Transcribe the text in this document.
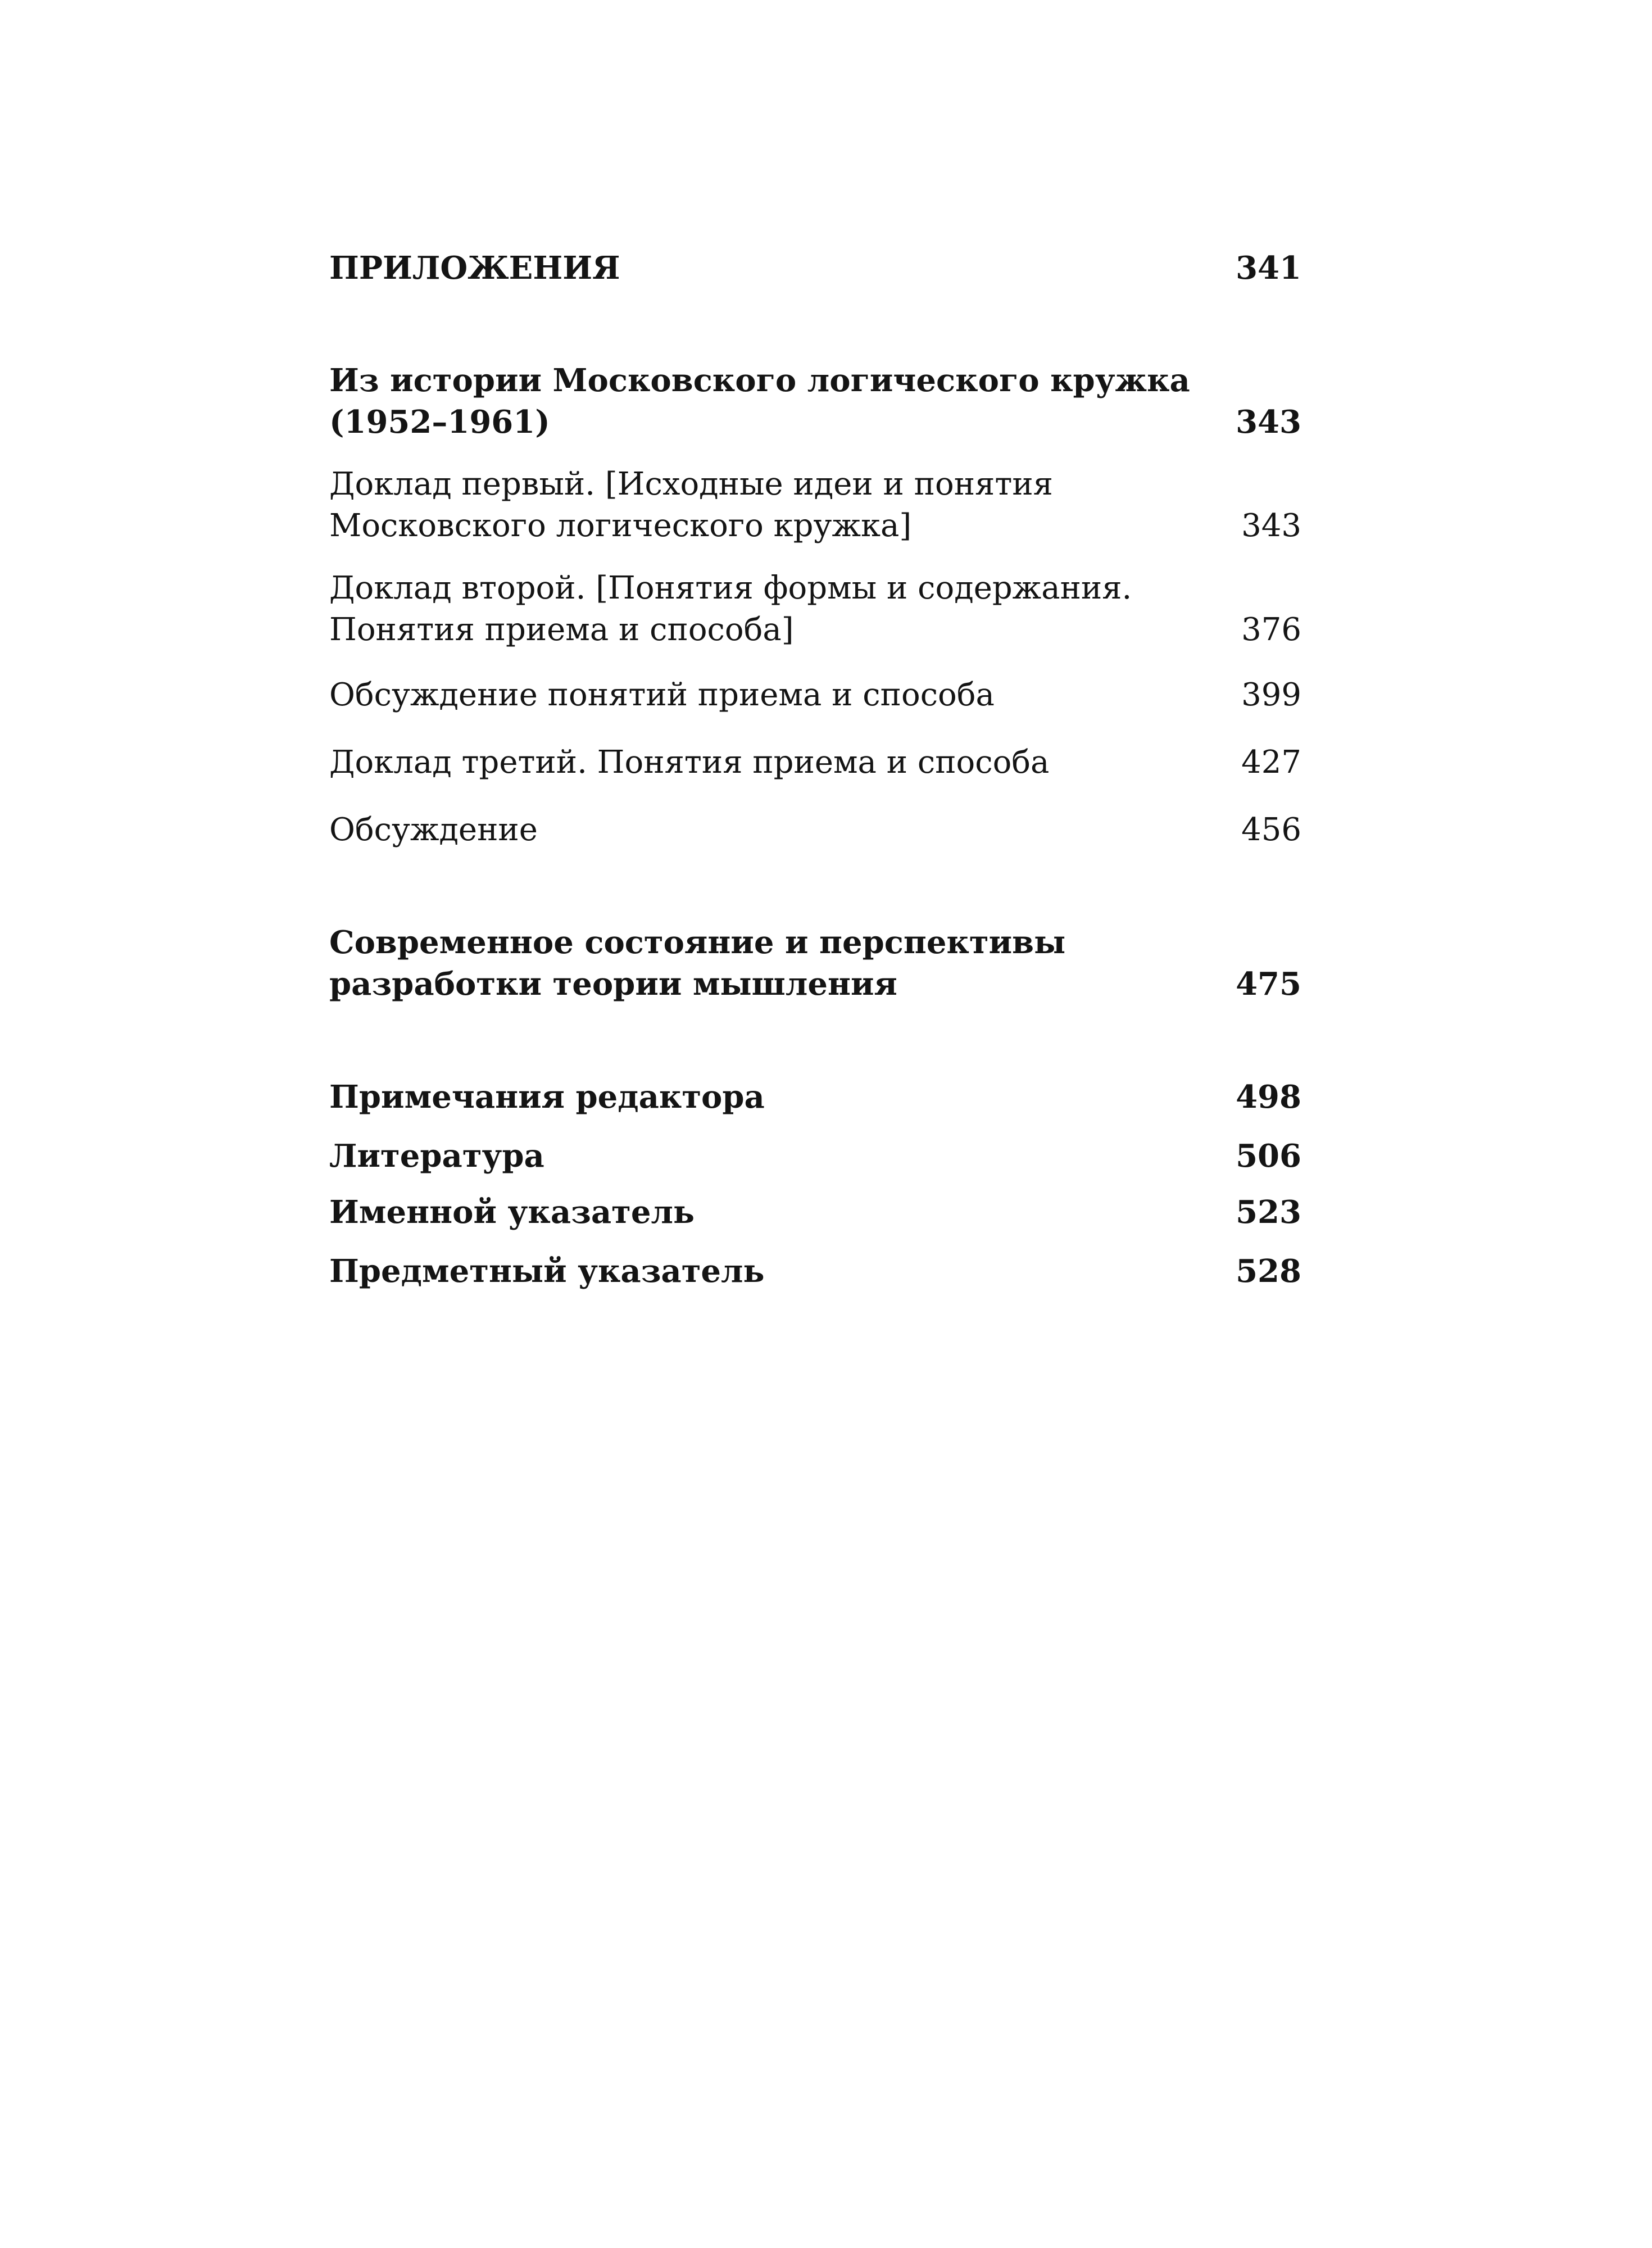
ПРИЛОЖЕНИЯ	341
Из истории Московского логического кружка
(1952–1961)	343
Доклад первый. [Исходные идеи и понятия
Московского логического кружка]	343
Доклад второй. [Понятия формы и содержания.
Понятия приема и способа]	376
Обсуждение понятий приема и способа	399
Доклад третий. Понятия приема и способа	427
Обсуждение	456
Современное состояние и перспективы
разработки теории мышления	475
Примечания редактора	498
Литература	506
Именной указатель	523
Предметный указатель	528
